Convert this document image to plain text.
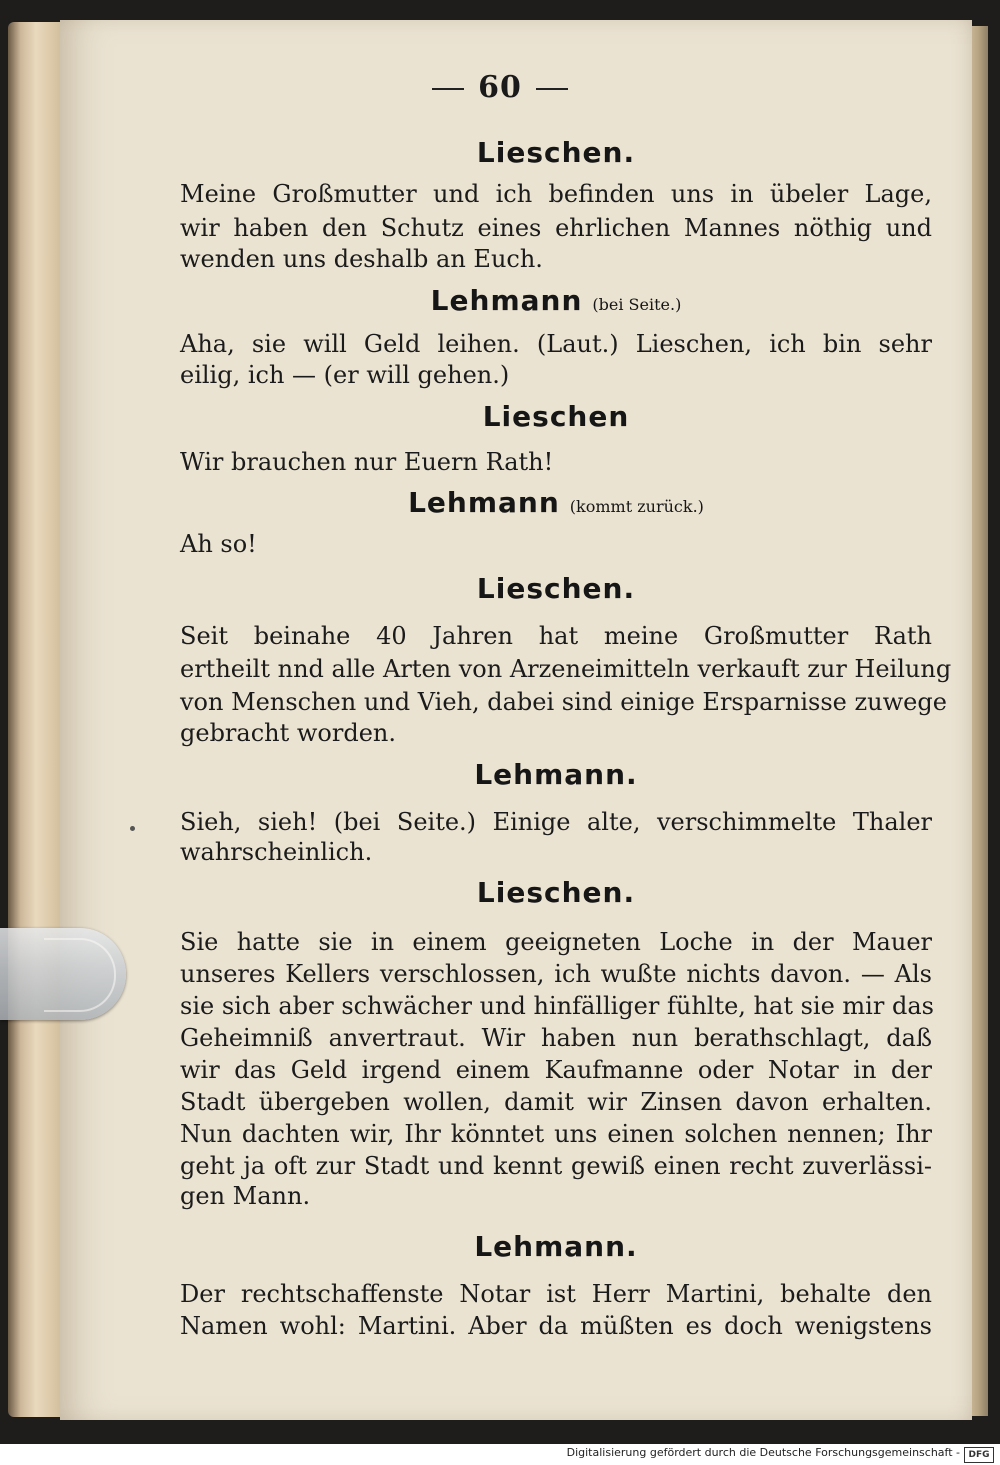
60
Lieschen.
Meine Großmutter und ich befinden uns in übeler Lage,
wir haben den Schutz eines ehrlichen Mannes nöthig und
wenden uns deshalb an Euch.
Lehmann (bei Seite.)
Aha, sie will Geld leihen. (Laut.) Lieschen, ich bin sehr
eilig, ich — (er will gehen.)
Lieschen
Wir brauchen nur Euern Rath!
Lehmann (kommt zurück.)
Ah so!
Lieschen.
Seit beinahe 40 Jahren hat meine Großmutter Rath
ertheilt nnd alle Arten von Arzeneimitteln verkauft zur Heilung
von Menschen und Vieh, dabei sind einige Ersparnisse zuwege
gebracht worden.
Lehmann.
Sieh, sieh! (bei Seite.) Einige alte, verschimmelte Thaler
wahrscheinlich.
Lieschen.
Sie hatte sie in einem geeigneten Loche in der Mauer
unseres Kellers verschlossen, ich wußte nichts davon. — Als
sie sich aber schwächer und hinfälliger fühlte, hat sie mir das
Geheimniß anvertraut. Wir haben nun berathschlagt, daß
wir das Geld irgend einem Kaufmanne oder Notar in der
Stadt übergeben wollen, damit wir Zinsen davon erhalten.
Nun dachten wir, Ihr könntet uns einen solchen nennen; Ihr
geht ja oft zur Stadt und kennt gewiß einen recht zuverlässi-
gen Mann.
Lehmann.
Der rechtschaffenste Notar ist Herr Martini, behalte den
Namen wohl: Martini. Aber da müßten es doch wenigstens
Digitalisierung gefördert durch die Deutsche Forschungsgemeinschaft - DFG
